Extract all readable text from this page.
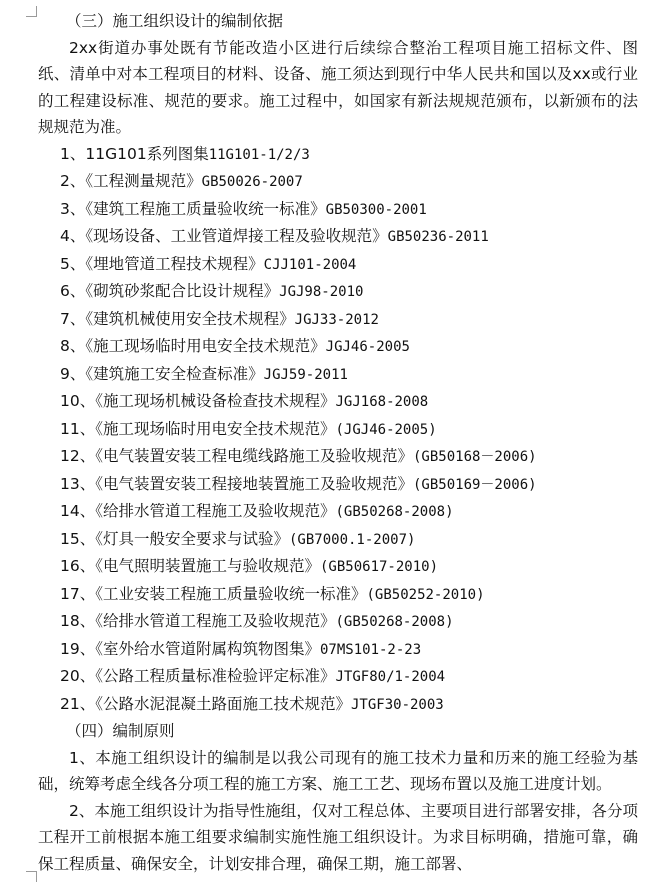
（三）施工组织设计的编制依据

2xx街道办事处既有节能改造小区进行后续综合整治工程项目施工招标文件、图纸、清单中对本工程项目的材料、设备、施工须达到现行中华人民共和国以及xx或行业的工程建设标准、规范的要求。施工过程中，如国家有新法规规范颁布，以新颁布的法规规范为准。

1、11G101系列图集11G101-1/2/3
2、《工程测量规范》GB50026-2007
3、《建筑工程施工质量验收统一标准》GB50300-2001
4、《现场设备、工业管道焊接工程及验收规范》GB50236-2011
5、《埋地管道工程技术规程》CJJ101-2004
6、《砌筑砂浆配合比设计规程》JGJ98-2010
7、《建筑机械使用安全技术规程》JGJ33-2012
8、《施工现场临时用电安全技术规范》JGJ46-2005
9、《建筑施工安全检查标准》JGJ59-2011
10、《施工现场机械设备检查技术规程》JGJ168-2008
11、《施工现场临时用电安全技术规范》(JGJ46-2005)
12、《电气装置安装工程电缆线路施工及验收规范》(GB50168－2006)
13、《电气装置安装工程接地装置施工及验收规范》(GB50169－2006)
14、《给排水管道工程施工及验收规范》(GB50268-2008)
15、《灯具一般安全要求与试验》(GB7000.1-2007)
16、《电气照明装置施工与验收规范》(GB50617-2010)
17、《工业安装工程施工质量验收统一标准》(GB50252-2010)
18、《给排水管道工程施工及验收规范》(GB50268-2008)
19、《室外给水管道附属构筑物图集》07MS101-2-23
20、《公路工程质量标准检验评定标准》JTGF80/1-2004
21、《公路水泥混凝土路面施工技术规范》JTGF30-2003
（四）编制原则

1、本施工组织设计的编制是以我公司现有的施工技术力量和历来的施工经验为基础，统筹考虑全线各分项工程的施工方案、施工工艺、现场布置以及施工进度计划。

2、本施工组织设计为指导性施组，仅对工程总体、主要项目进行部署安排，各分项工程开工前根据本施工组要求编制实施性施工组织设计。为求目标明确，措施可靠，确保工程质量、确保安全，计划安排合理，确保工期，施工部署、
